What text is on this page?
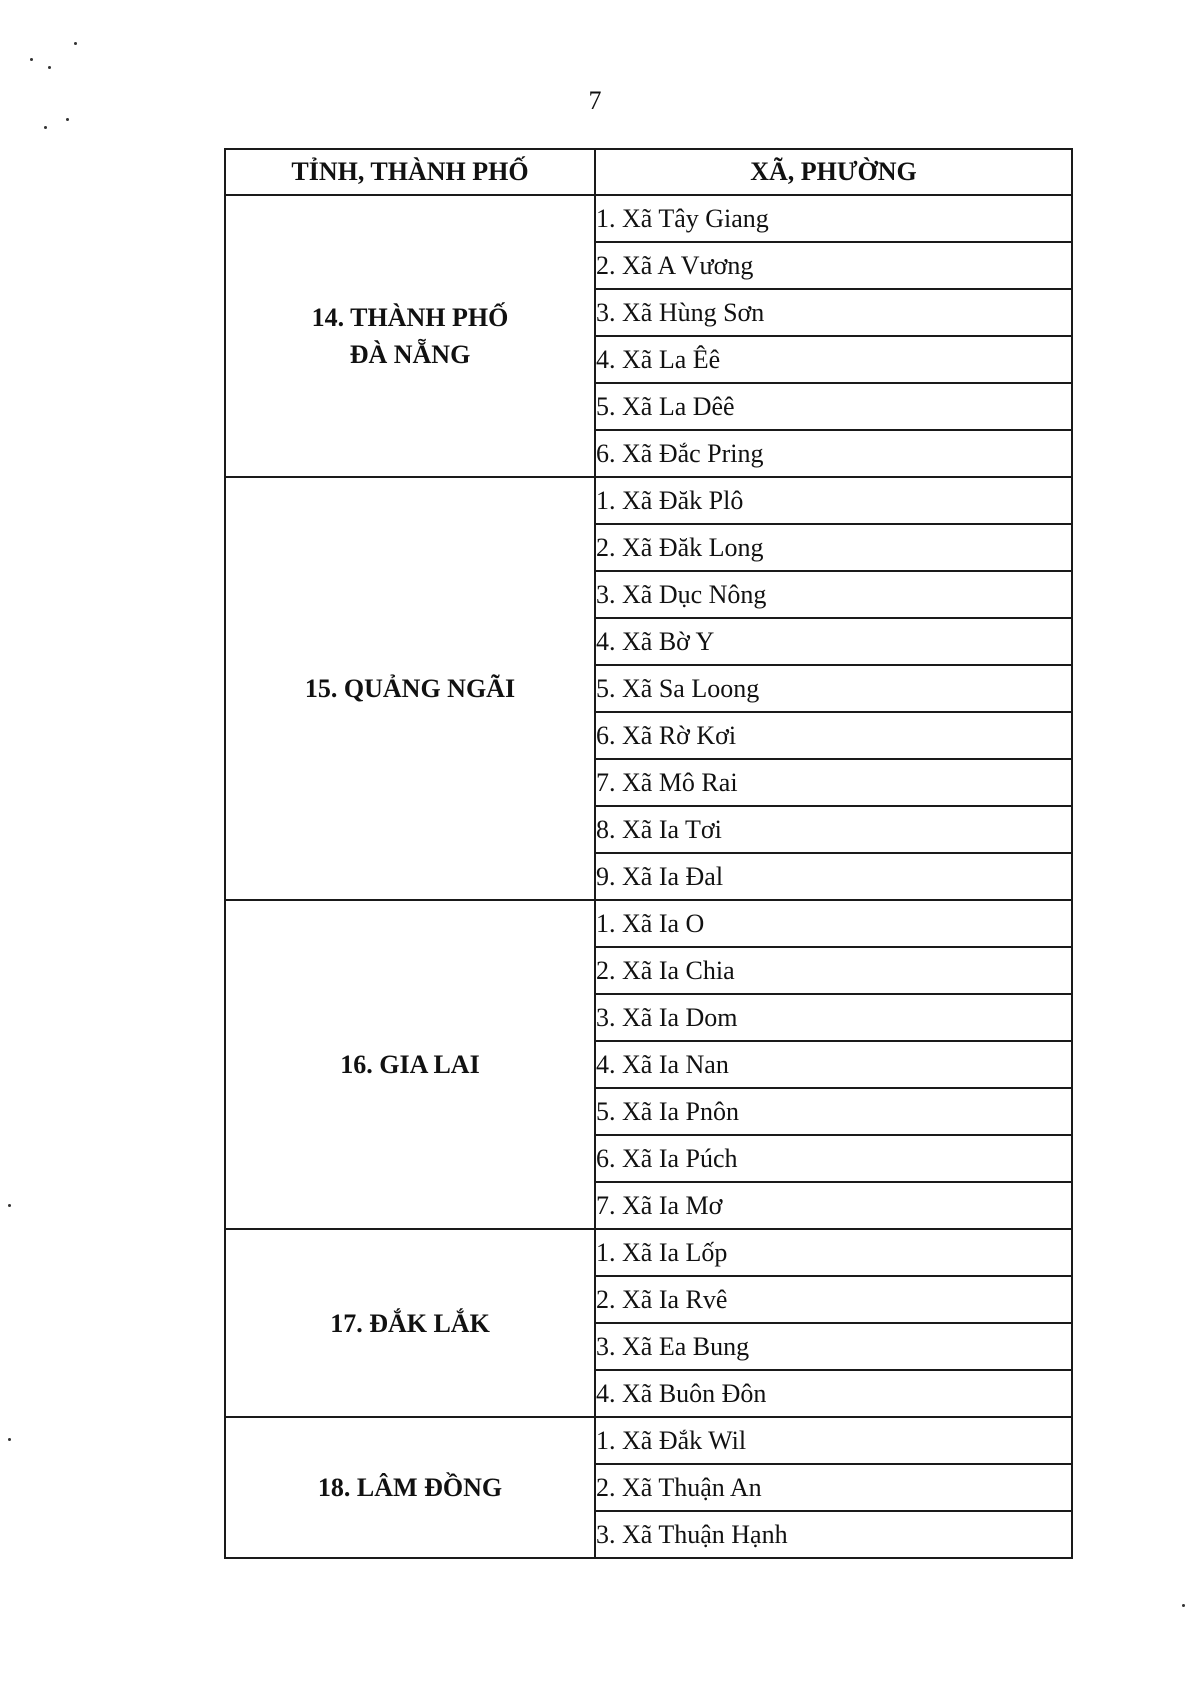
7
TỈNH, THÀNH PHỐ	XÃ, PHƯỜNG

14. THÀNH PHỐ
ĐÀ NẴNG	1. Xã Tây Giang
	2. Xã A Vương
	3. Xã Hùng Sơn
	4. Xã La Êê
	5. Xã La Dêê
	6. Xã Đắc Pring

15. QUẢNG NGÃI	1. Xã Đăk Plô
	2. Xã Đăk Long
	3. Xã Dục Nông
	4. Xã Bờ Y
	5. Xã Sa Loong
	6. Xã Rờ Kơi
	7. Xã Mô Rai
	8. Xã Ia Tơi
	9. Xã Ia Đal

16. GIA LAI	1. Xã Ia O
	2. Xã Ia Chia
	3. Xã Ia Dom
	4. Xã Ia Nan
	5. Xã Ia Pnôn
	6. Xã Ia Púch
	7. Xã Ia Mơ

17. ĐẮK LẮK	1. Xã Ia Lốp
	2. Xã Ia Rvê
	3. Xã Ea Bung
	4. Xã Buôn Đôn

18. LÂM ĐỒNG	1. Xã Đắk Wil
	2. Xã Thuận An
	3. Xã Thuận Hạnh
